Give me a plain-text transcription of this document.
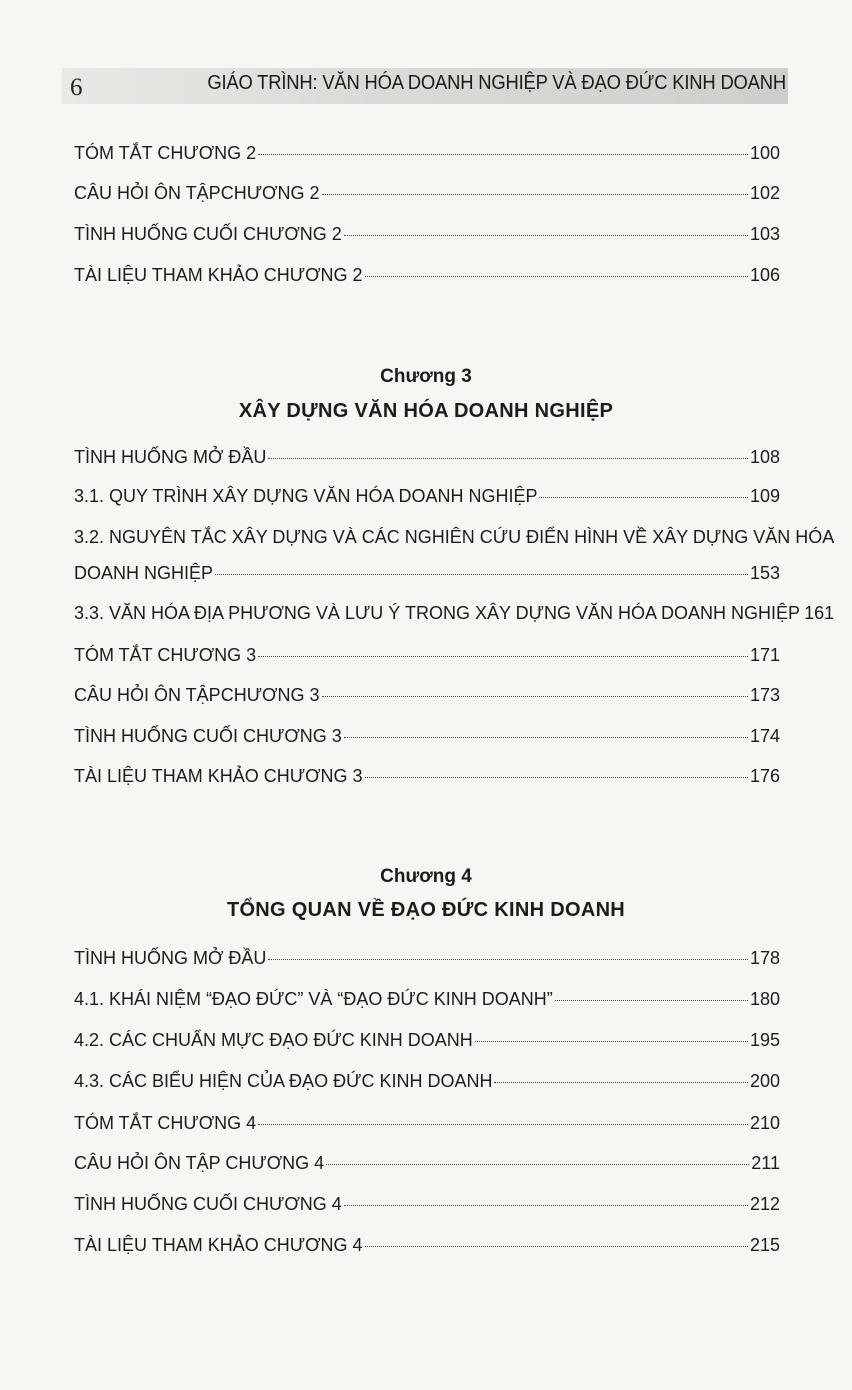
6	GIÁO TRÌNH: VĂN HÓA DOANH NGHIỆP VÀ ĐẠO ĐỨC KINH DOANH
TÓM TẮT CHƯƠNG 2	100
CÂU HỎI ÔN TẬPCHƯƠNG 2	102
TÌNH HUỐNG CUỐI CHƯƠNG 2	103
TÀI LIỆU THAM KHẢO CHƯƠNG 2	106
Chương 3
XÂY DỰNG VĂN HÓA DOANH NGHIỆP
TÌNH HUỐNG MỞ ĐẦU	108
3.1. QUY TRÌNH XÂY DỰNG VĂN HÓA DOANH NGHIỆP	109
3.2. NGUYÊN TẮC XÂY DỰNG VÀ CÁC NGHIÊN CỨU ĐIỂN HÌNH VỀ XÂY DỰNG VĂN HÓA
DOANH NGHIỆP	153
3.3. VĂN HÓA ĐỊA PHƯƠNG VÀ LƯU Ý TRONG XÂY DỰNG VĂN HÓA DOANH NGHIỆP 161
TÓM TẮT CHƯƠNG 3	171
CÂU HỎI ÔN TẬPCHƯƠNG 3	173
TÌNH HUỐNG CUỐI CHƯƠNG 3	174
TÀI LIỆU THAM KHẢO CHƯƠNG 3	176
Chương 4
TỔNG QUAN VỀ ĐẠO ĐỨC KINH DOANH
TÌNH HUỐNG MỞ ĐẦU	178
4.1. KHÁI NIỆM “ĐẠO ĐỨC” VÀ “ĐẠO ĐỨC KINH DOANH”	180
4.2. CÁC CHUẨN MỰC ĐẠO ĐỨC KINH DOANH	195
4.3. CÁC BIỂU HIỆN CỦA ĐẠO ĐỨC KINH DOANH	200
TÓM TẮT CHƯƠNG 4	210
CÂU HỎI ÔN TẬP CHƯƠNG 4	211
TÌNH HUỐNG CUỐI CHƯƠNG 4	212
TÀI LIỆU THAM KHẢO CHƯƠNG 4	215
